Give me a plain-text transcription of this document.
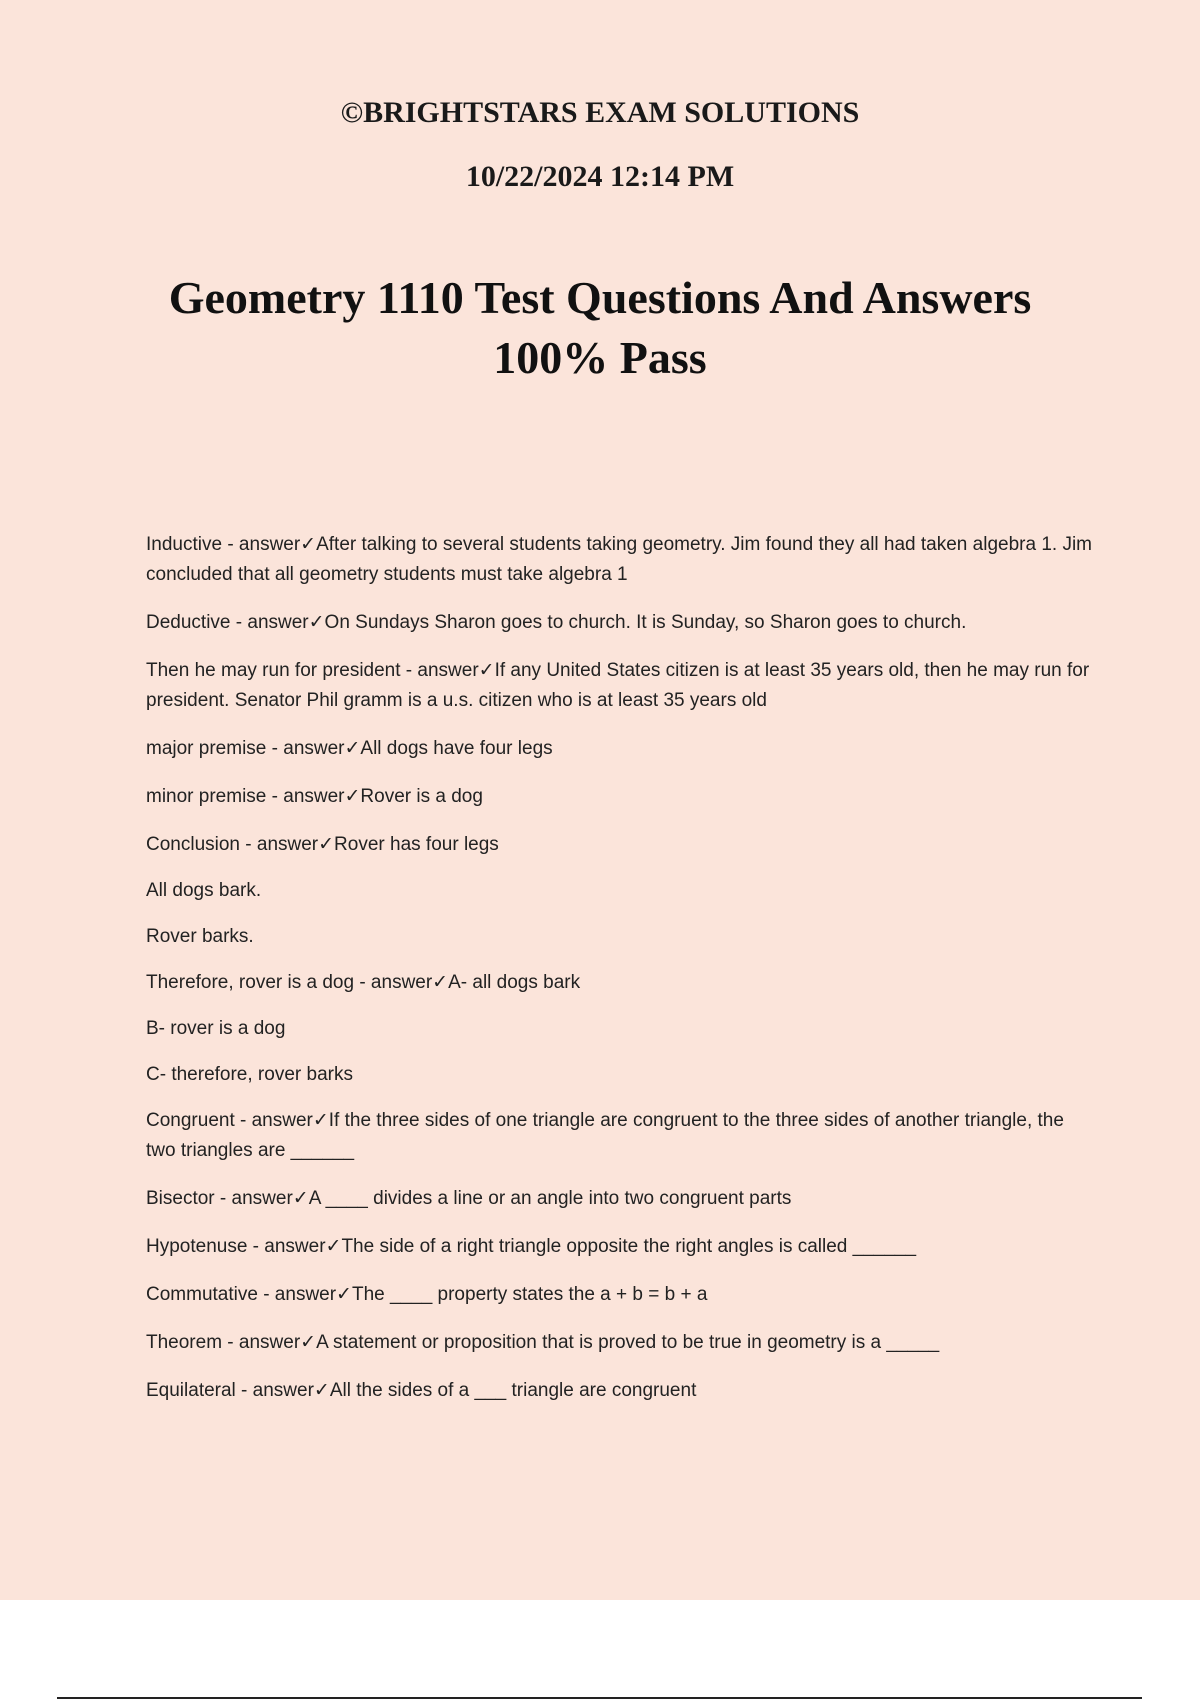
©BRIGHTSTARS EXAM SOLUTIONS
10/22/2024 12:14 PM
Geometry 1110 Test Questions And Answers
100% Pass

Inductive - answer✓After talking to several students taking geometry. Jim found they all had taken algebra 1. Jim concluded that all geometry students must take algebra 1

Deductive - answer✓On Sundays Sharon goes to church. It is Sunday, so Sharon goes to church.

Then he may run for president - answer✓If any United States citizen is at least 35 years old, then he may run for president. Senator Phil gramm is a u.s. citizen who is at least 35 years old

major premise - answer✓All dogs have four legs

minor premise - answer✓Rover is a dog

Conclusion - answer✓Rover has four legs

All dogs bark.

Rover barks.

Therefore, rover is a dog - answer✓A- all dogs bark

B- rover is a dog

C- therefore, rover barks

Congruent - answer✓If the three sides of one triangle are congruent to the three sides of another triangle, the two triangles are ______

Bisector - answer✓A ____ divides a line or an angle into two congruent parts

Hypotenuse - answer✓The side of a right triangle opposite the right angles is called ______

Commutative - answer✓The ____ property states the a + b = b + a

Theorem - answer✓A statement or proposition that is proved to be true in geometry is a _____

Equilateral - answer✓All the sides of a ___ triangle are congruent
